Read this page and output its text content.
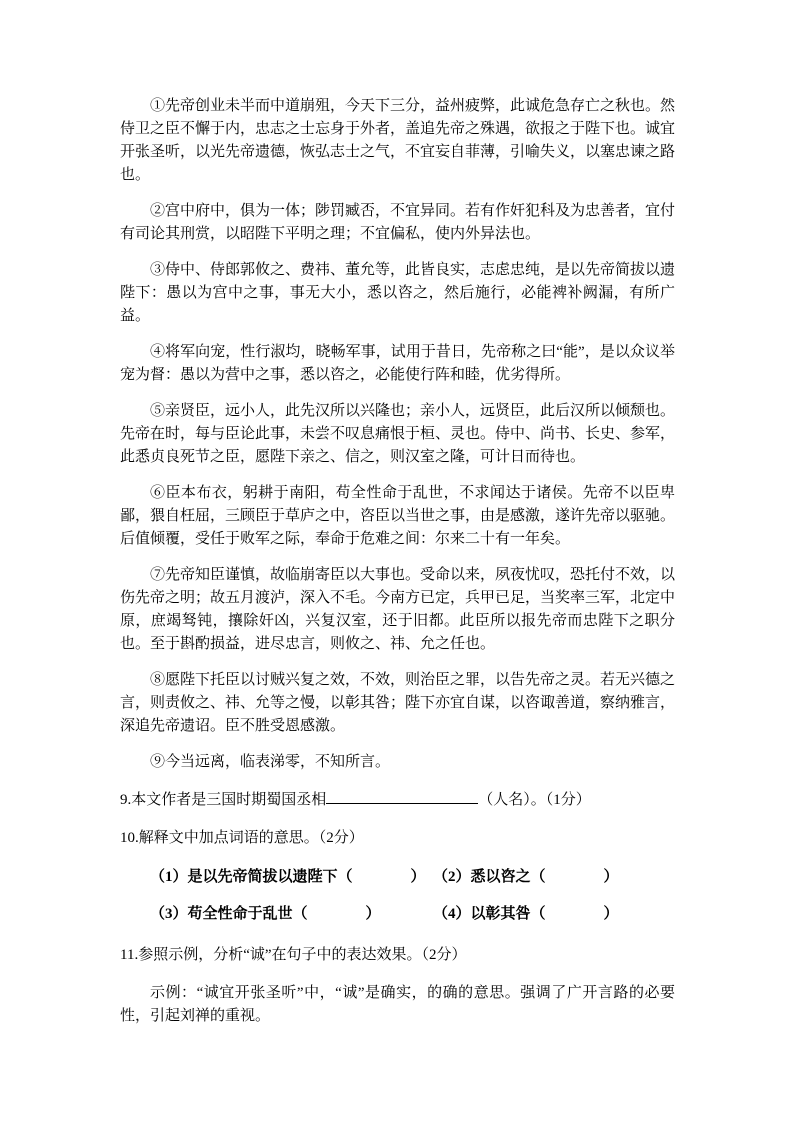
①先帝创业未半而中道崩殂，今天下三分，益州疲弊，此诚危急存亡之秋也。然侍卫之臣不懈于内，忠志之士忘身于外者，盖追先帝之殊遇，欲报之于陛下也。诚宜开张圣听，以光先帝遗德，恢弘志士之气，不宜妄自菲薄，引喻失义，以塞忠谏之路也。

②宫中府中，俱为一体；陟罚臧否，不宜异同。若有作奸犯科及为忠善者，宜付有司论其刑赏，以昭陛下平明之理；不宜偏私，使内外异法也。

③侍中、侍郎郭攸之、费祎、董允等，此皆良实，志虑忠纯，是以先帝简拔以遗陛下：愚以为宫中之事，事无大小，悉以咨之，然后施行，必能裨补阙漏，有所广益。

④将军向宠，性行淑均，晓畅军事，试用于昔日，先帝称之曰“能”，是以众议举宠为督：愚以为营中之事，悉以咨之，必能使行阵和睦，优劣得所。

⑤亲贤臣，远小人，此先汉所以兴隆也；亲小人，远贤臣，此后汉所以倾颓也。先帝在时，每与臣论此事，未尝不叹息痛恨于桓、灵也。侍中、尚书、长史、参军，此悉贞良死节之臣，愿陛下亲之、信之，则汉室之隆，可计日而待也。

⑥臣本布衣，躬耕于南阳，苟全性命于乱世，不求闻达于诸侯。先帝不以臣卑鄙，猥自枉屈，三顾臣于草庐之中，咨臣以当世之事，由是感激，遂许先帝以驱驰。后值倾覆，受任于败军之际，奉命于危难之间：尔来二十有一年矣。

⑦先帝知臣谨慎，故临崩寄臣以大事也。受命以来，夙夜忧叹，恐托付不效，以伤先帝之明；故五月渡泸，深入不毛。今南方已定，兵甲已足，当奖率三军，北定中原，庶竭驽钝，攘除奸凶，兴复汉室，还于旧都。此臣所以报先帝而忠陛下之职分也。至于斟酌损益，进尽忠言，则攸之、祎、允之任也。

⑧愿陛下托臣以讨贼兴复之效，不效，则治臣之罪，以告先帝之灵。若无兴德之言，则责攸之、祎、允等之慢，以彰其咎；陛下亦宜自谋，以咨诹善道，察纳雅言，深追先帝遗诏。臣不胜受恩感激。

⑨今当远离，临表涕零，不知所言。

9.本文作者是三国时期蜀国丞相	（人名）。（1分）
10.解释文中加点词语的意思。（2分）
（1）是以先帝简拔以遗陛下（	） （2）悉以咨之（	）
（3）苟全性命于乱世（	）	（4）以彰其咎（	）
11.参照示例，分析“诚”在句子中的表达效果。（2分）

示例：“诚宜开张圣听”中，“诚”是确实，的确的意思。强调了广开言路的必要性，引起刘禅的重视。
